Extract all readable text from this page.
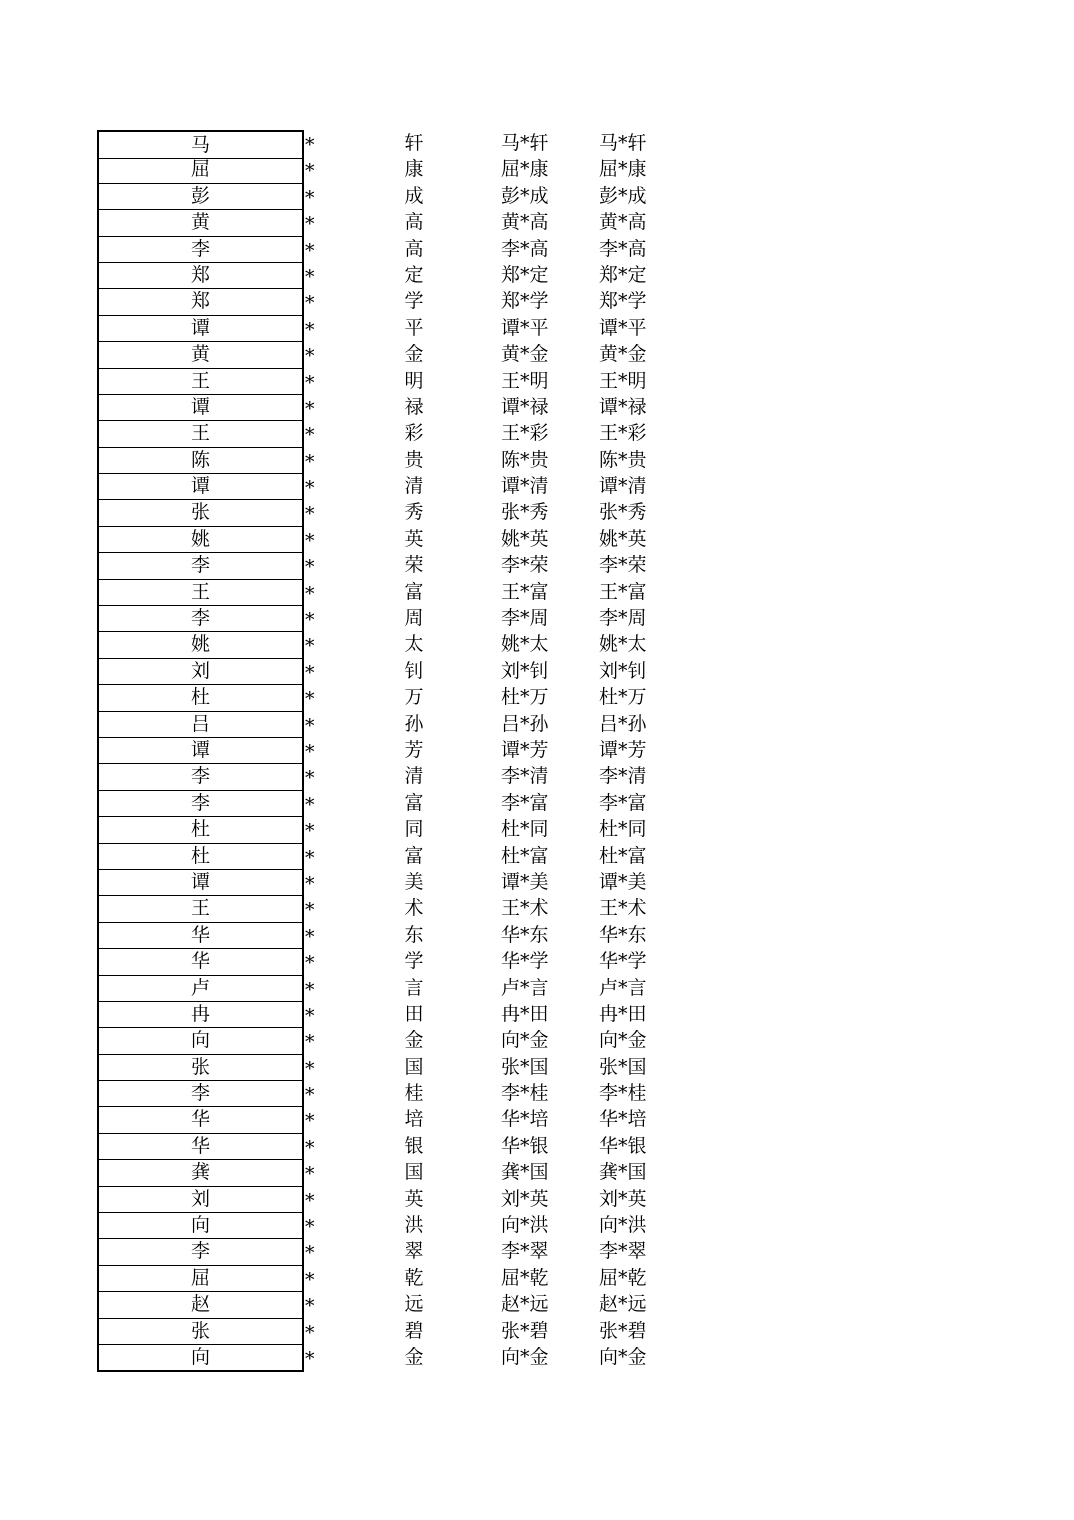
马	*	轩	马*轩	马*轩
屈	*	康	屈*康	屈*康
彭	*	成	彭*成	彭*成
黄	*	高	黄*高	黄*高
李	*	高	李*高	李*高
郑	*	定	郑*定	郑*定
郑	*	学	郑*学	郑*学
谭	*	平	谭*平	谭*平
黄	*	金	黄*金	黄*金
王	*	明	王*明	王*明
谭	*	禄	谭*禄	谭*禄
王	*	彩	王*彩	王*彩
陈	*	贵	陈*贵	陈*贵
谭	*	清	谭*清	谭*清
张	*	秀	张*秀	张*秀
姚	*	英	姚*英	姚*英
李	*	荣	李*荣	李*荣
王	*	富	王*富	王*富
李	*	周	李*周	李*周
姚	*	太	姚*太	姚*太
刘	*	钊	刘*钊	刘*钊
杜	*	万	杜*万	杜*万
吕	*	孙	吕*孙	吕*孙
谭	*	芳	谭*芳	谭*芳
李	*	清	李*清	李*清
李	*	富	李*富	李*富
杜	*	同	杜*同	杜*同
杜	*	富	杜*富	杜*富
谭	*	美	谭*美	谭*美
王	*	术	王*术	王*术
华	*	东	华*东	华*东
华	*	学	华*学	华*学
卢	*	言	卢*言	卢*言
冉	*	田	冉*田	冉*田
向	*	金	向*金	向*金
张	*	国	张*国	张*国
李	*	桂	李*桂	李*桂
华	*	培	华*培	华*培
华	*	银	华*银	华*银
龚	*	国	龚*国	龚*国
刘	*	英	刘*英	刘*英
向	*	洪	向*洪	向*洪
李	*	翠	李*翠	李*翠
屈	*	乾	屈*乾	屈*乾
赵	*	远	赵*远	赵*远
张	*	碧	张*碧	张*碧
向	*	金	向*金	向*金
